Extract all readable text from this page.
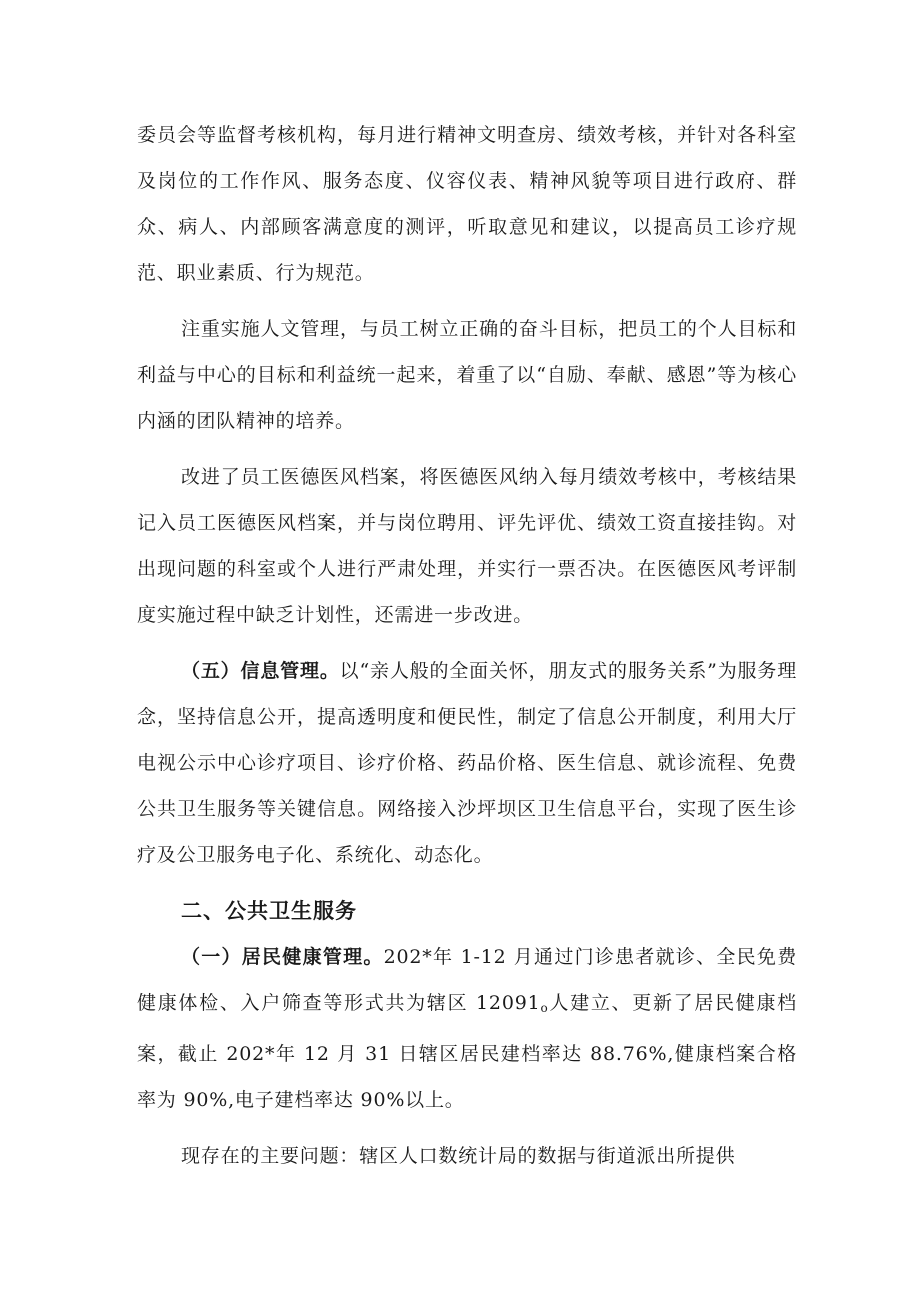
委员会等监督考核机构，每月进行精神文明查房、绩效考核，并针对各科室及岗位的工作作风、服务态度、仪容仪表、精神风貌等项目进行政府、群众、病人、内部顾客满意度的测评，听取意见和建议，以提高员工诊疗规范、职业素质、行为规范。

注重实施人文管理，与员工树立正确的奋斗目标，把员工的个人目标和利益与中心的目标和利益统一起来，着重了以“自励、奉献、感恩”等为核心内涵的团队精神的培养。

改进了员工医德医风档案，将医德医风纳入每月绩效考核中，考核结果记入员工医德医风档案，并与岗位聘用、评先评优、绩效工资直接挂钩。对出现问题的科室或个人进行严肃处理，并实行一票否决。在医德医风考评制度实施过程中缺乏计划性，还需进一步改进。

（五）信息管理。以“亲人般的全面关怀，朋友式的服务关系”为服务理念，坚持信息公开，提高透明度和便民性，制定了信息公开制度，利用大厅电视公示中心诊疗项目、诊疗价格、药品价格、医生信息、就诊流程、免费公共卫生服务等关键信息。网络接入沙坪坝区卫生信息平台，实现了医生诊疗及公卫服务电子化、系统化、动态化。

二、公共卫生服务

（一）居民健康管理。202*年 1-12 月通过门诊患者就诊、全民免费健康体检、入户筛查等形式共为辖区 12091o人建立、更新了居民健康档案，截止 202*年 12 月 31 日辖区居民建档率达 88.76%,健康档案合格率为 90%,电子建档率达 90%以上。

现存在的主要问题：辖区人口数统计局的数据与街道派出所提供
